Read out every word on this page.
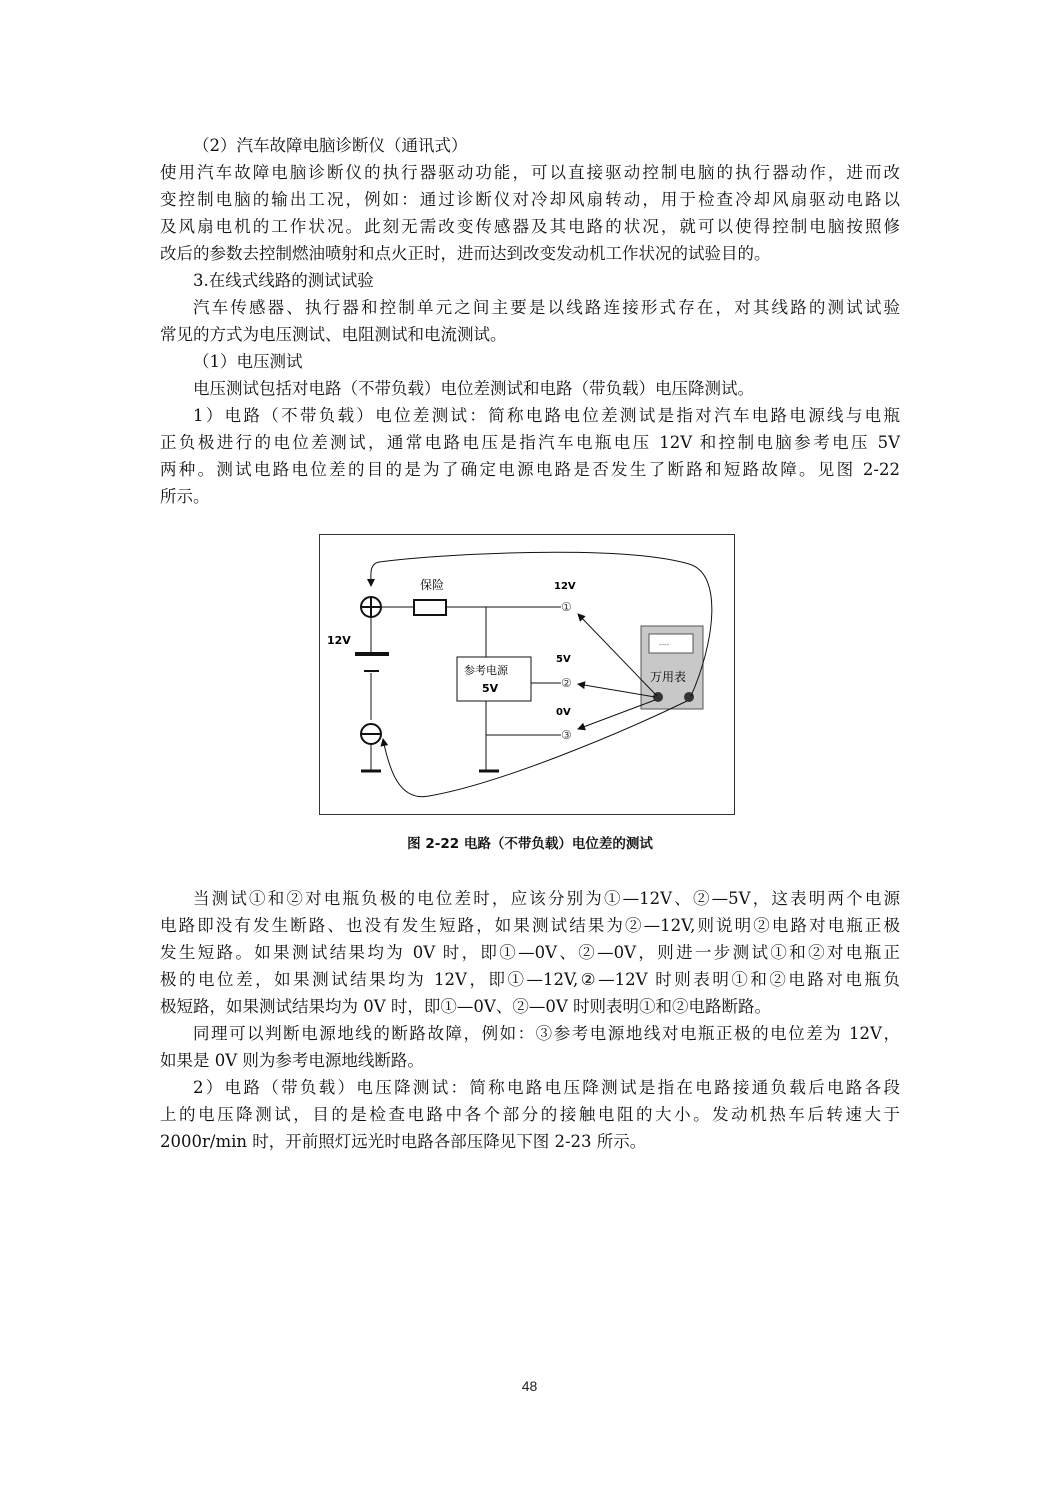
（2）汽车故障电脑诊断仪（通讯式）
使用汽车故障电脑诊断仪的执行器驱动功能，可以直接驱动控制电脑的执行器动作，进而改
变控制电脑的输出工况，例如：通过诊断仪对冷却风扇转动，用于检查冷却风扇驱动电路以
及风扇电机的工作状况。此刻无需改变传感器及其电路的状况，就可以使得控制电脑按照修
改后的参数去控制燃油喷射和点火正时，进而达到改变发动机工作状况的试验目的。
3.在线式线路的测试试验
汽车传感器、执行器和控制单元之间主要是以线路连接形式存在，对其线路的测试试验
常见的方式为电压测试、电阻测试和电流测试。
（1）电压测试
电压测试包括对电路（不带负载）电位差测试和电路（带负载）电压降测试。
1）电路（不带负载）电位差测试：简称电路电位差测试是指对汽车电路电源线与电瓶
正负极进行的电位差测试，通常电路电压是指汽车电瓶电压 12V 和控制电脑参考电压 5V
两种。测试电路电位差的目的是为了确定电源电路是否发生了断路和短路故障。见图 2-22
所示。
12V
保险
参考电源
5V
12V
①
5V
②
0V
③
----
万用表
图 2-22 电路（不带负载）电位差的测试
当测试①和②对电瓶负极的电位差时，应该分别为①—12V、②—5V，这表明两个电源
电路即没有发生断路、也没有发生短路，如果测试结果为②—12V,则说明②电路对电瓶正极
发生短路。如果测试结果均为 0V 时，即①—0V、②—0V，则进一步测试①和②对电瓶正
极的电位差，如果测试结果均为 12V，即①—12V,②—12V 时则表明①和②电路对电瓶负
极短路，如果测试结果均为 0V 时，即①—0V、②—0V 时则表明①和②电路断路。
同理可以判断电源地线的断路故障，例如：③参考电源地线对电瓶正极的电位差为 12V，
如果是 0V 则为参考电源地线断路。
2）电路（带负载）电压降测试：简称电路电压降测试是指在电路接通负载后电路各段
上的电压降测试，目的是检查电路中各个部分的接触电阻的大小。发动机热车后转速大于
2000r/min 时，开前照灯远光时电路各部压降见下图 2-23 所示。
48
